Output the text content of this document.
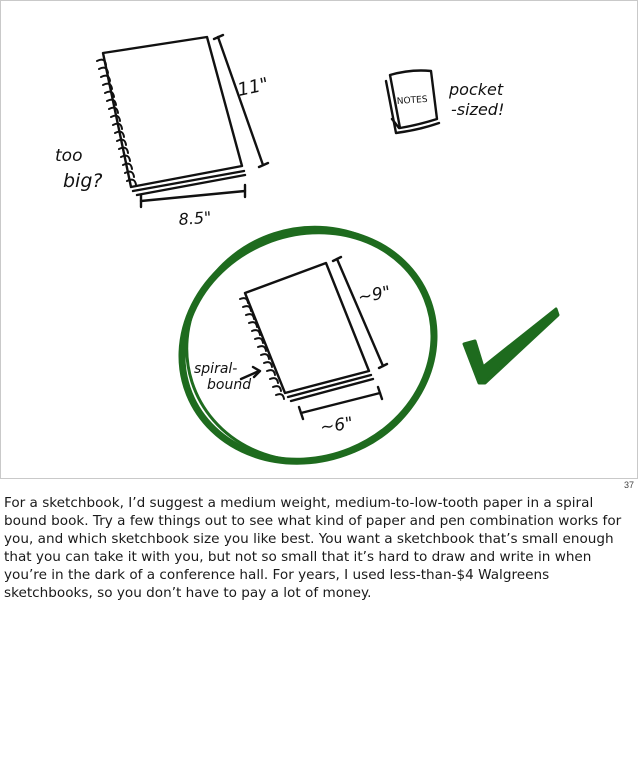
11"
8.5"
too
big?
NOTES
pocket
-sized!
~9"
~6"
spiral-
bound
37
For a sketchbook, I’d suggest a medium weight, medium-to-low-tooth paper in a spiral bound book. Try a few things out to see what kind of paper and pen combination works for you, and which sketchbook size you like best. You want a sketchbook that’s small enough that you can take it with you, but not so small that it’s hard to draw and write in when you’re in the dark of a conference hall. For years, I used less-than-$4 Walgreens sketchbooks, so you don’t have to pay a lot of money.
